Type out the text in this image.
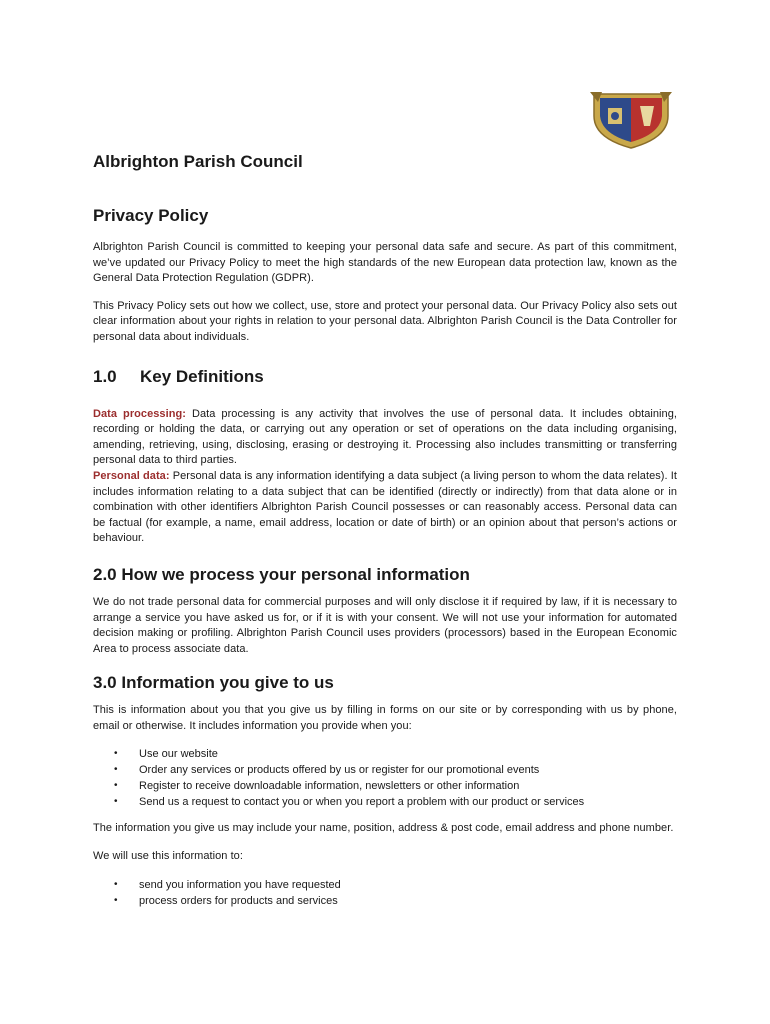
Albrighton Parish Council
Privacy Policy

Albrighton Parish Council is committed to keeping your personal data safe and secure. As part of this commitment, we’ve updated our Privacy Policy to meet the high standards of the new European data protection law, known as the General Data Protection Regulation (GDPR).

This Privacy Policy sets out how we collect, use, store and protect your personal data. Our Privacy Policy also sets out clear information about your rights in relation to your personal data. Albrighton Parish Council is the Data Controller for personal data about individuals.

1.0 Key Definitions

Data processing: Data processing is any activity that involves the use of personal data. It includes obtaining, recording or holding the data, or carrying out any operation or set of operations on the data including organising, amending, retrieving, using, disclosing, erasing or destroying it. Processing also includes transmitting or transferring personal data to third parties.

Personal data: Personal data is any information identifying a data subject (a living person to whom the data relates). It includes information relating to a data subject that can be identified (directly or indirectly) from that data alone or in combination with other identifiers Albrighton Parish Council possesses or can reasonably access. Personal data can be factual (for example, a name, email address, location or date of birth) or an opinion about that person’s actions or behaviour.

2.0 How we process your personal information

We do not trade personal data for commercial purposes and will only disclose it if required by law, if it is necessary to arrange a service you have asked us for, or if it is with your consent. We will not use your information for automated decision making or profiling. Albrighton Parish Council uses providers (processors) based in the European Economic Area to process associate data.

3.0 Information you give to us

This is information about you that you give us by filling in forms on our site or by corresponding with us by phone, email or otherwise. It includes information you provide when you:

• Use our website
• Order any services or products offered by us or register for our promotional events
• Register to receive downloadable information, newsletters or other information
• Send us a request to contact you or when you report a problem with our product or services

The information you give us may include your name, position, address & post code, email address and phone number.

We will use this information to:

• send you information you have requested
• process orders for products and services
